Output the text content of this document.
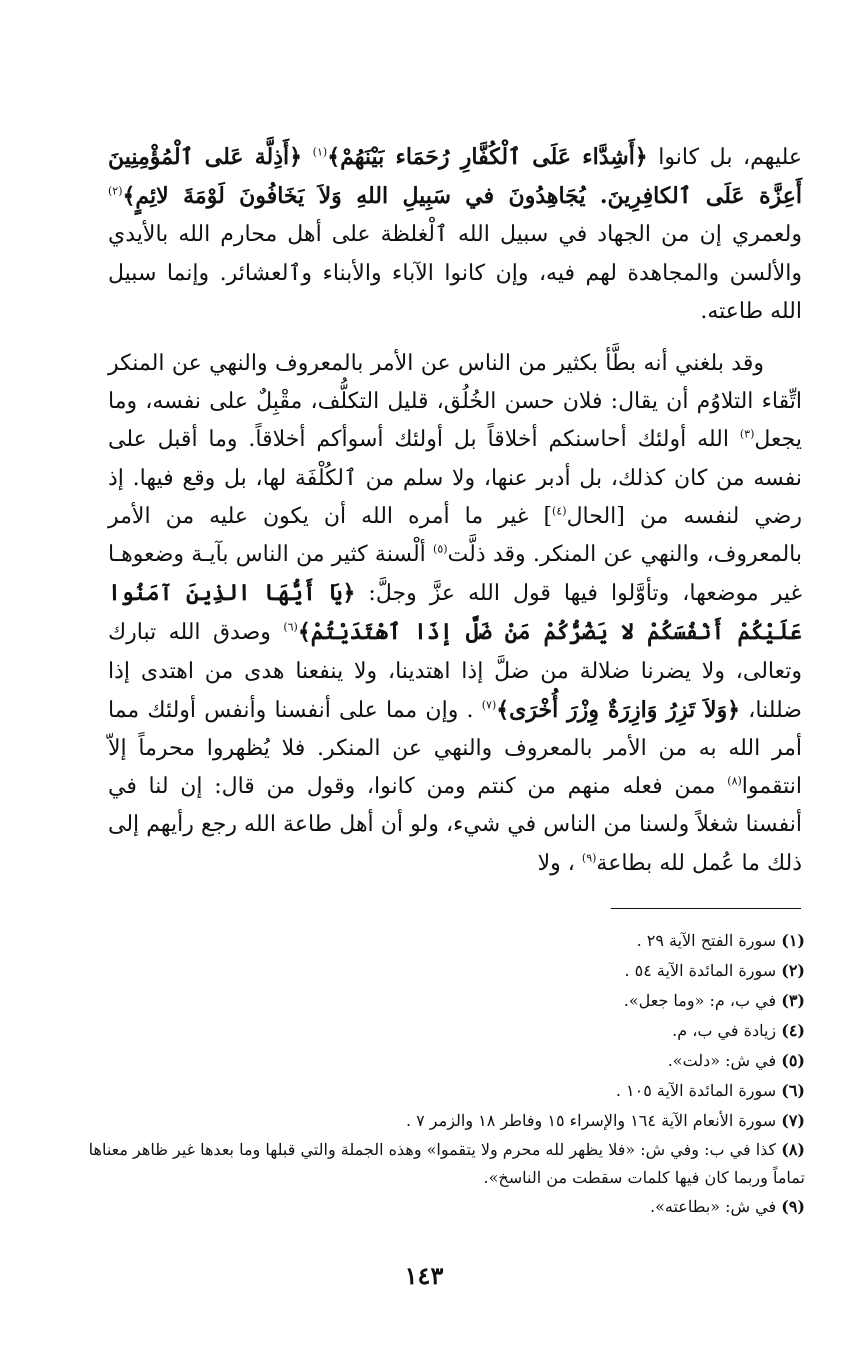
عليهم، بل كانوا ﴿أَشِدَّاء عَلَى ٱلْكُفَّارِ رُحَمَاء بَيْنَهُمْ﴾$^{(١)}$ ﴿أَذِلَّة عَلى ٱلْمُؤْمِنِينَ أَعِزَّة عَلَى ٱلكافِرِينَ. يُجَاهِدُونَ في سَبِيلِ اللهِ وَلاَ يَخَافُونَ لَوْمَةَ لائِمٍ﴾$^{(٢)}$ ولعمري إن من الجهاد في سبيل الله ٱلْغلظة على أهل محارم الله بالأيدي والألسن والمجاهدة لهم فيه، وإن كانوا الآباء والأبناء وٱلعشائر. وإنما سبيل الله طاعته.

وقد بلغني أنه بطَّأ بكثير من الناس عن الأمر بالمعروف والنهي عن المنكر اتِّقاء التلاوُم أن يقال: فلان حسن الخُلُق، قليل التكلُّف، مقْبِلٌ على نفسه، وما يجعل$^{(٣)}$ الله أولئك أحاسنكم أخلاقاً بل أولئك أسوأكم أخلاقاً. وما أقبل على نفسه من كان كذلك، بل أدبر عنها، ولا سلم من ٱلكُلْفَة لها، بل وقع فيها. إذ رضي لنفسه من [الحال$^{(٤)}$] غير ما أمره الله أن يكون عليه من الأمر بالمعروف، والنهي عن المنكر. وقد ذلَّت$^{(٥)}$ ألْسنة كثير من الناس بآيـة وضعوهـا غير موضعها، وتأوَّلوا فيها قول الله عزَّ وجلَّ: ﴿يَا أَيُّهَا الذِينَ آمَنُوا عَلَيْكُمْ أَنْفُسَكُمْ لا يَضُرُّكُمْ مَنْ ضَلَّ إذَا ٱهْتَدَيْتُمْ﴾$^{(٦)}$ وصدق الله تبارك وتعالى، ولا يضرنا ضلالة من ضلَّ إذا اهتدينا، ولا ينفعنا هدى من اهتدى إذا ضللنا، ﴿وَلاَ تَزِرُ وَازِرَةٌ وِزْرَ أُخْرَى﴾$^{(٧)}$ . وإن مما على أنفسنا وأنفس أولئك مما أمر الله به من الأمر بالمعروف والنهي عن المنكر. فلا يُظهروا محرماً إلاّ انتقموا$^{(٨)}$ ممن فعله منهم من كنتم ومن كانوا، وقول من قال: إن لنا في أنفسنا شغلاً ولسنا من الناس في شيء، ولو أن أهل طاعة الله رجع رأيهم إلى ذلك ما عُمل لله بطاعة$^{(٩)}$ ، ولا

(١) سورة الفتح الآية ٢٩ .
(٢) سورة المائدة الآية ٥٤ .
(٣) في ب، م: «وما جعل».
(٤) زيادة في ب، م.
(٥) في ش: «دلت».
(٦) سورة المائدة الآية ١٠٥ .
(٧) سورة الأنعام الآية ١٦٤ والإسراء ١٥ وفاطر ١٨ والزمر ٧ .
(٨) كذا في ب: وفي ش: «فلا يظهر لله محرم ولا يتقموا» وهذه الجملة والتي قبلها وما بعدها غير ظاهر معناها تماماً وربما كان فيها كلمات سقطت من الناسخ».
(٩) في ش: «بطاعته».
١٤٣
